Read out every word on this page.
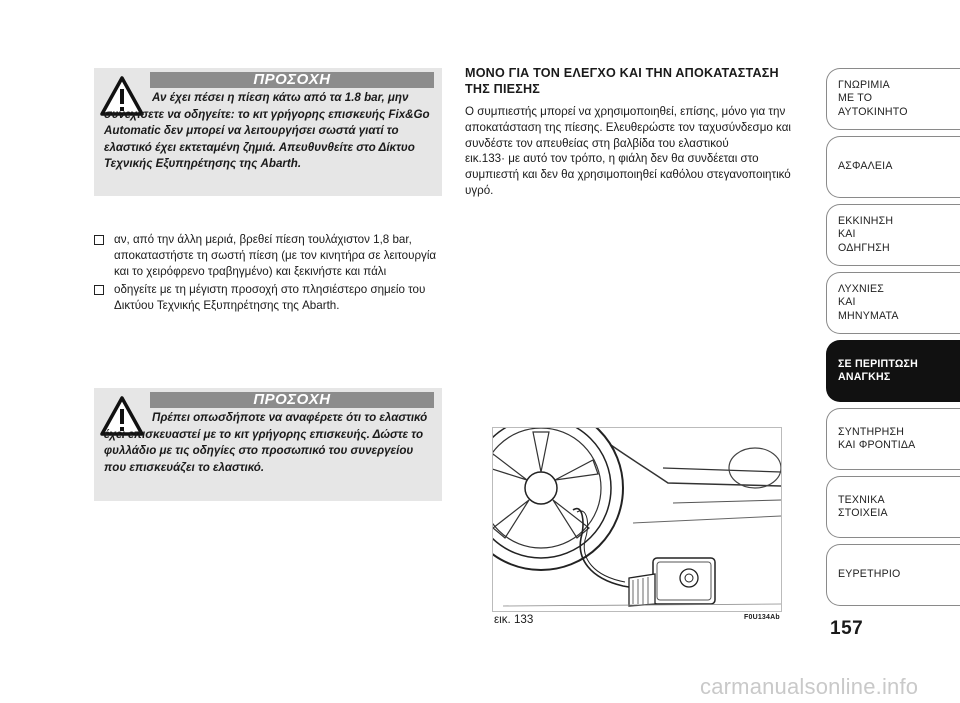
ΠΡΟΣΟΧΗ
Αν έχει πέσει η πίεση κάτω από τα 1.8 bar, μην συνεχίσετε να οδηγείτε: το κιτ γρήγορης επισκευής Fix&Go Automatic δεν μπορεί να λειτουργήσει σωστά γιατί το ελαστικό έχει εκτεταμένη ζημιά. Απευθυνθείτε στο Δίκτυο Τεχνικής Εξυπηρέτησης της Abarth.
αν, από την άλλη μεριά, βρεθεί πίεση τουλάχιστον 1,8 bar, αποκαταστήστε τη σωστή πίεση (με τον κινητήρα σε λειτουργία και το χειρόφρενο τραβηγμένο) και ξεκινήστε και πάλι
οδηγείτε με τη μέγιστη προσοχή στο πλησιέστερο σημείο του Δικτύου Τεχνικής Εξυπηρέτησης της Abarth.
ΠΡΟΣΟΧΗ
Πρέπει οπωσδήποτε να αναφέρετε ότι το ελαστικό έχει επισκευαστεί με το κιτ γρήγορης επισκευής. Δώστε το φυλλάδιο με τις οδηγίες στο προσωπικό του συνεργείου που επισκευάζει το ελαστικό.
ΜΟΝΟ ΓΙΑ ΤΟΝ ΕΛΕΓΧΟ ΚΑΙ ΤΗΝ ΑΠΟΚΑΤΑΣΤΑΣΗ ΤΗΣ ΠΙΕΣΗΣ
Ο συμπιεστής μπορεί να χρησιμοποιηθεί, επίσης, μόνο για την αποκατάσταση της πίεσης. Ελευθερώστε τον ταχυσύνδεσμο και συνδέστε τον απευθείας στη βαλβίδα του ελαστικού
εικ.133· με αυτό τον τρόπο, η φιάλη δεν θα συνδέεται στο συμπιεστή και δεν θα χρησιμοποιηθεί καθόλου στεγανοποιητικό υγρό.
εικ. 133	F0U134Ab
ΓΝΩΡΙΜΙΑ ΜΕ ΤΟ ΑΥΤΟΚΙΝΗΤΟ
ΑΣΦΑΛΕΙΑ
ΕΚΚΙΝΗΣΗ ΚΑΙ ΟΔΗΓΗΣΗ
ΛΥΧΝΙΕΣ ΚΑΙ ΜΗΝΥΜΑΤΑ
ΣΕ ΠΕΡΙΠΤΩΣΗ ΑΝΑΓΚΗΣ
ΣΥΝΤΗΡΗΣΗ ΚΑΙ ΦΡΟΝΤΙΔΑ
ΤΕΧΝΙΚΑ ΣΤΟΙΧΕΙΑ
ΕΥΡΕΤΗΡΙΟ
157
carmanualsonline.info
